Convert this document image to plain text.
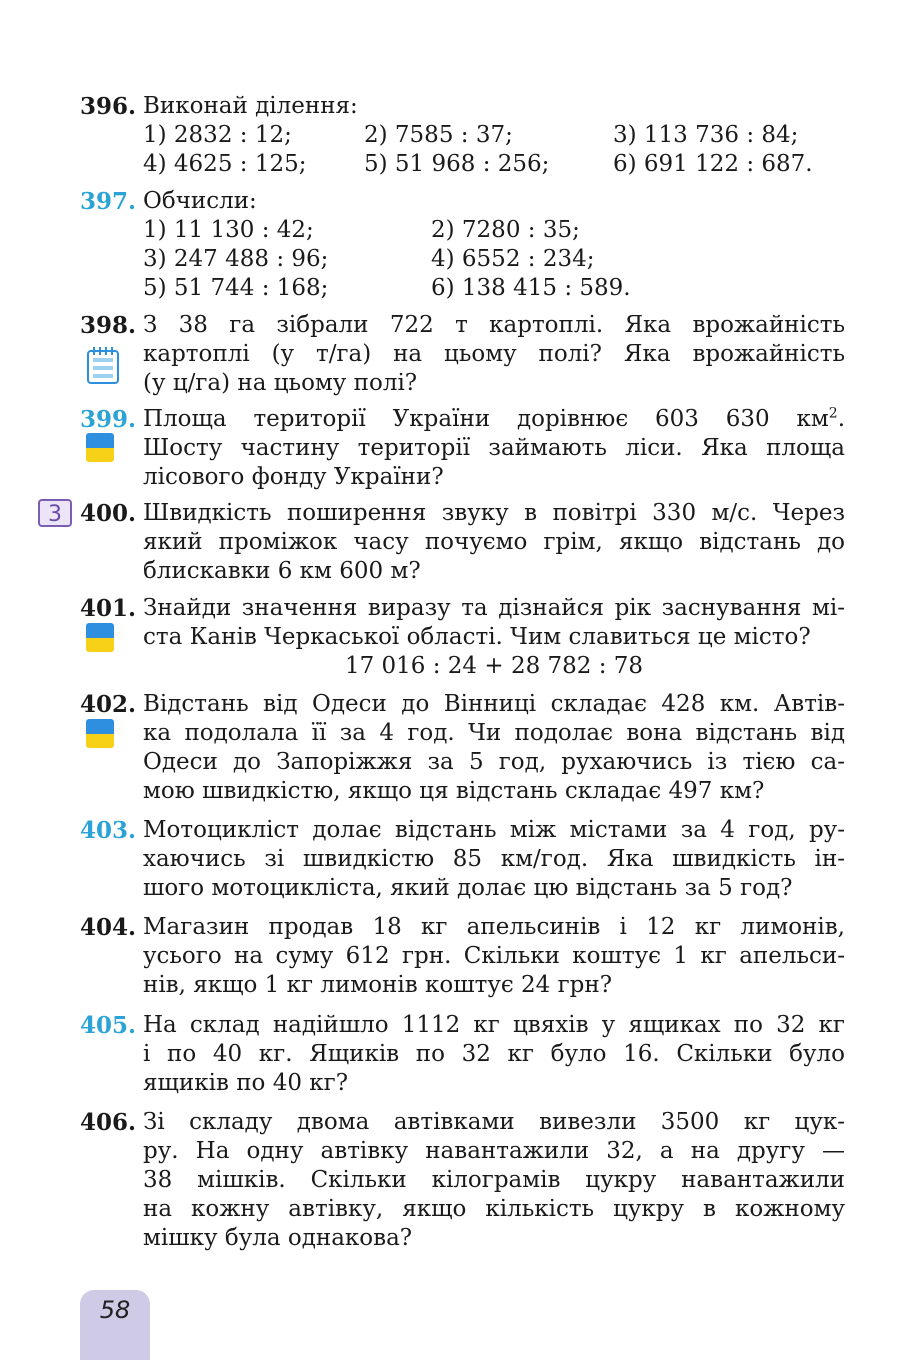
396. Виконай ділення:
1) 2832 : 12;	2) 7585 : 37;	3) 113 736 : 84;
4) 4625 : 125;	5) 51 968 : 256;	6) 691 122 : 687.
397. Обчисли:
1) 11 130 : 42;	2) 7280 : 35;
3) 247 488 : 96;	4) 6552 : 234;
5) 51 744 : 168;	6) 138 415 : 589.
398. З 38 га зібрали 722 т картоплі. Яка врожайність
картоплі (у т/га) на цьому полі? Яка врожайність
(у ц/га) на цьому полі?
399. Площа території України дорівнює 603 630 $км^2$.
Шосту частину території займають ліси. Яка площа
лісового фонду України?
3 400. Швидкість поширення звуку в повітрі 330 м/с. Через
який проміжок часу почуємо грім, якщо відстань до
блискавки 6 км 600 м?
401. Знайди значення виразу та дізнайся рік заснування мі-
ста Канів Черкаської області. Чим славиться це місто?
17 016 : 24 + 28 782 : 78
402. Відстань від Одеси до Вінниці складає 428 км. Автів-
ка подолала її за 4 год. Чи подолає вона відстань від
Одеси до Запоріжжя за 5 год, рухаючись із тією са-
мою швидкістю, якщо ця відстань складає 497 км?
403. Мотоцикліст долає відстань між містами за 4 год, ру-
хаючись зі швидкістю 85 км/год. Яка швидкість ін-
шого мотоцикліста, який долає цю відстань за 5 год?
404. Магазин продав 18 кг апельсинів і 12 кг лимонів,
усього на суму 612 грн. Скільки коштує 1 кг апельси-
нів, якщо 1 кг лимонів коштує 24 грн?
405. На склад надійшло 1112 кг цвяхів у ящиках по 32 кг
і по 40 кг. Ящиків по 32 кг було 16. Скільки було
ящиків по 40 кг?
406. Зі складу двома автівками вивезли 3500 кг цук-
ру. На одну автівку навантажили 32, а на другу —
38 мішків. Скільки кілограмів цукру навантажили
на кожну автівку, якщо кількість цукру в кожному
мішку була однакова?
58
